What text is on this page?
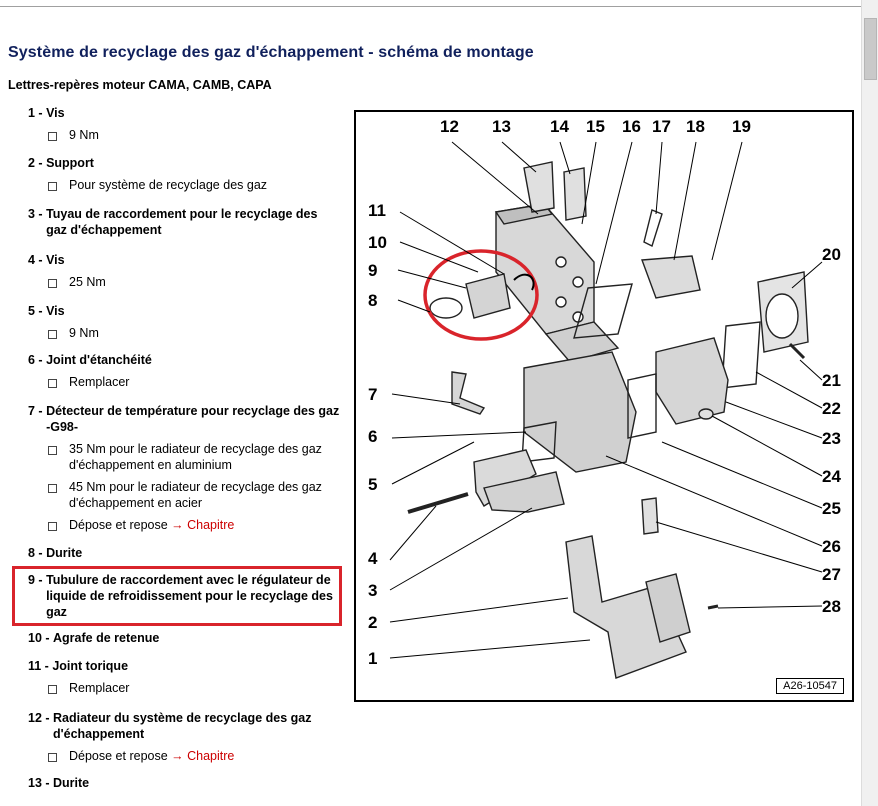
Système de recyclage des gaz d'échappement - schéma de montage
Lettres-repères moteur CAMA, CAMB, CAPA
1 - Vis
9 Nm
2 - Support
Pour système de recyclage des gaz
3 - Tuyau de raccordement pour le recyclage des gaz d'échappement
4 - Vis
25 Nm
5 - Vis
9 Nm
6 - Joint d'étanchéité
Remplacer
7 - Détecteur de température pour recyclage des gaz -G98-
35 Nm pour le radiateur de recyclage des gaz d'échappement en aluminium
45 Nm pour le radiateur de recyclage des gaz d'échappement en acier
Dépose et repose → Chapitre
8 - Durite
9 - Tubulure de raccordement avec le régulateur de liquide de refroidissement pour le recyclage des gaz
10 - Agrafe de retenue
11 - Joint torique
Remplacer
12 - Radiateur du système de recyclage des gaz d'échappement
Dépose et repose → Chapitre
13 - Durite
1
2
3
4
5
6
7
8
9
10
11
12 13 14 15 16 17 18 19
20
21
22
23
24
25
26
27
28
A26-10547
